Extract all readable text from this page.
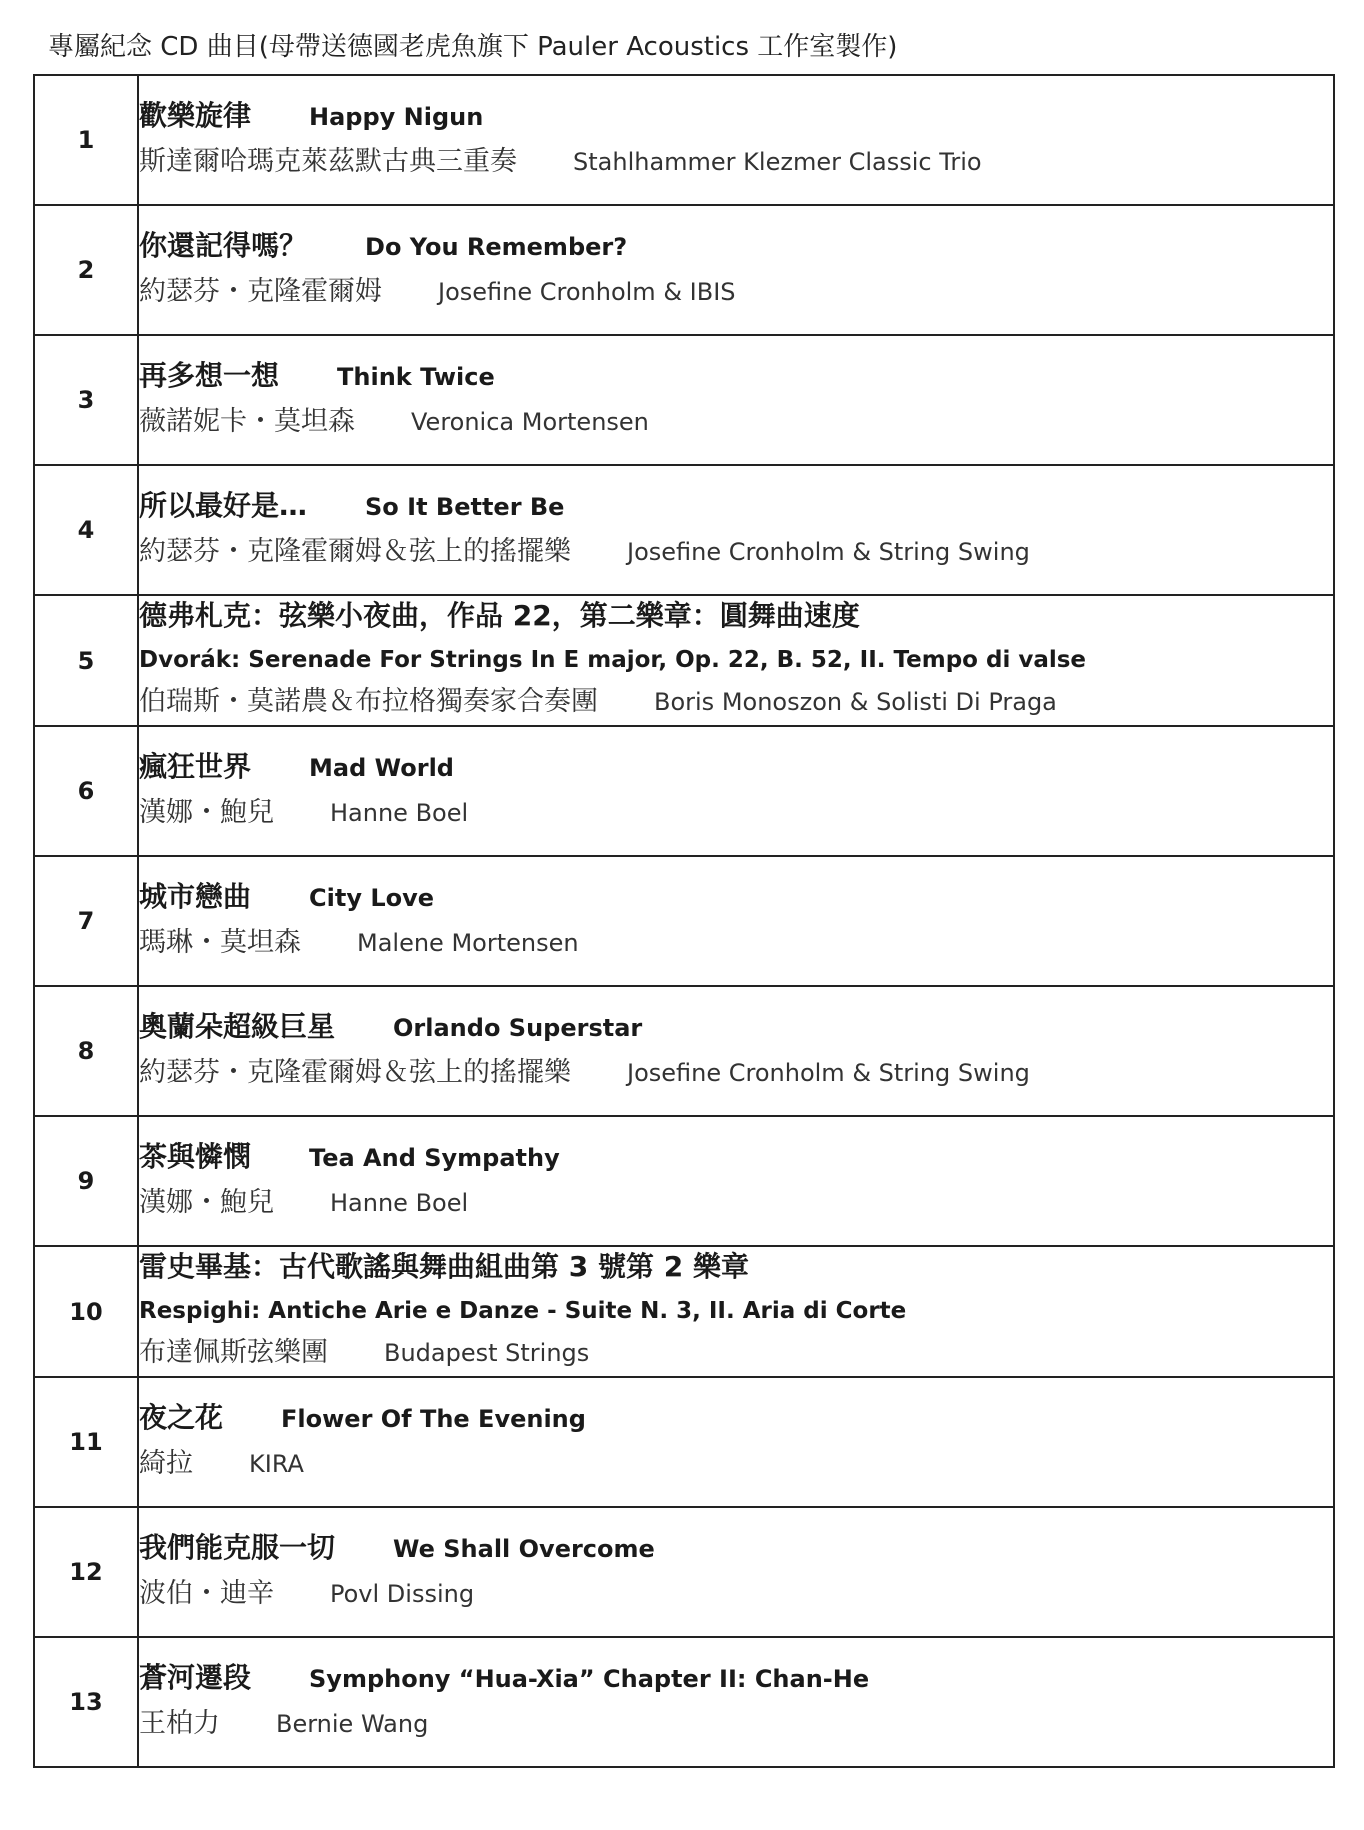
專屬紀念 CD 曲目(母帶送德國老虎魚旗下 Pauler Acoustics 工作室製作)
1	歡樂旋律 Happy Nigun
斯達爾哈瑪克萊茲默古典三重奏 Stahlhammer Klezmer Classic Trio

2	你還記得嗎？ Do You Remember?
約瑟芬・克隆霍爾姆 Josefine Cronholm & IBIS

3	再多想一想 Think Twice
薇諾妮卡・莫坦森 Veronica Mortensen

4	所以最好是… So It Better Be
約瑟芬・克隆霍爾姆＆弦上的搖擺樂 Josefine Cronholm & String Swing

5	德弗札克：弦樂小夜曲，作品 22，第二樂章：圓舞曲速度
Dvorák: Serenade For Strings In E major, Op. 22, B. 52, II. Tempo di valse
伯瑞斯・莫諾農＆布拉格獨奏家合奏團 Boris Monoszon & Solisti Di Praga

6	瘋狂世界 Mad World
漢娜・鮑兒 Hanne Boel

7	城市戀曲 City Love
瑪琳・莫坦森 Malene Mortensen

8	奧蘭朵超級巨星 Orlando Superstar
約瑟芬・克隆霍爾姆＆弦上的搖擺樂 Josefine Cronholm & String Swing

9	茶與憐憫 Tea And Sympathy
漢娜・鮑兒 Hanne Boel

10	雷史畢基：古代歌謠與舞曲組曲第 3 號第 2 樂章
Respighi: Antiche Arie e Danze - Suite N. 3, II. Aria di Corte
布達佩斯弦樂團 Budapest Strings

11	夜之花 Flower Of The Evening
綺拉 KIRA

12	我們能克服一切 We Shall Overcome
波伯・迪辛 Povl Dissing

13	蒼河遷段 Symphony “Hua-Xia” Chapter II: Chan-He
王柏力 Bernie Wang
